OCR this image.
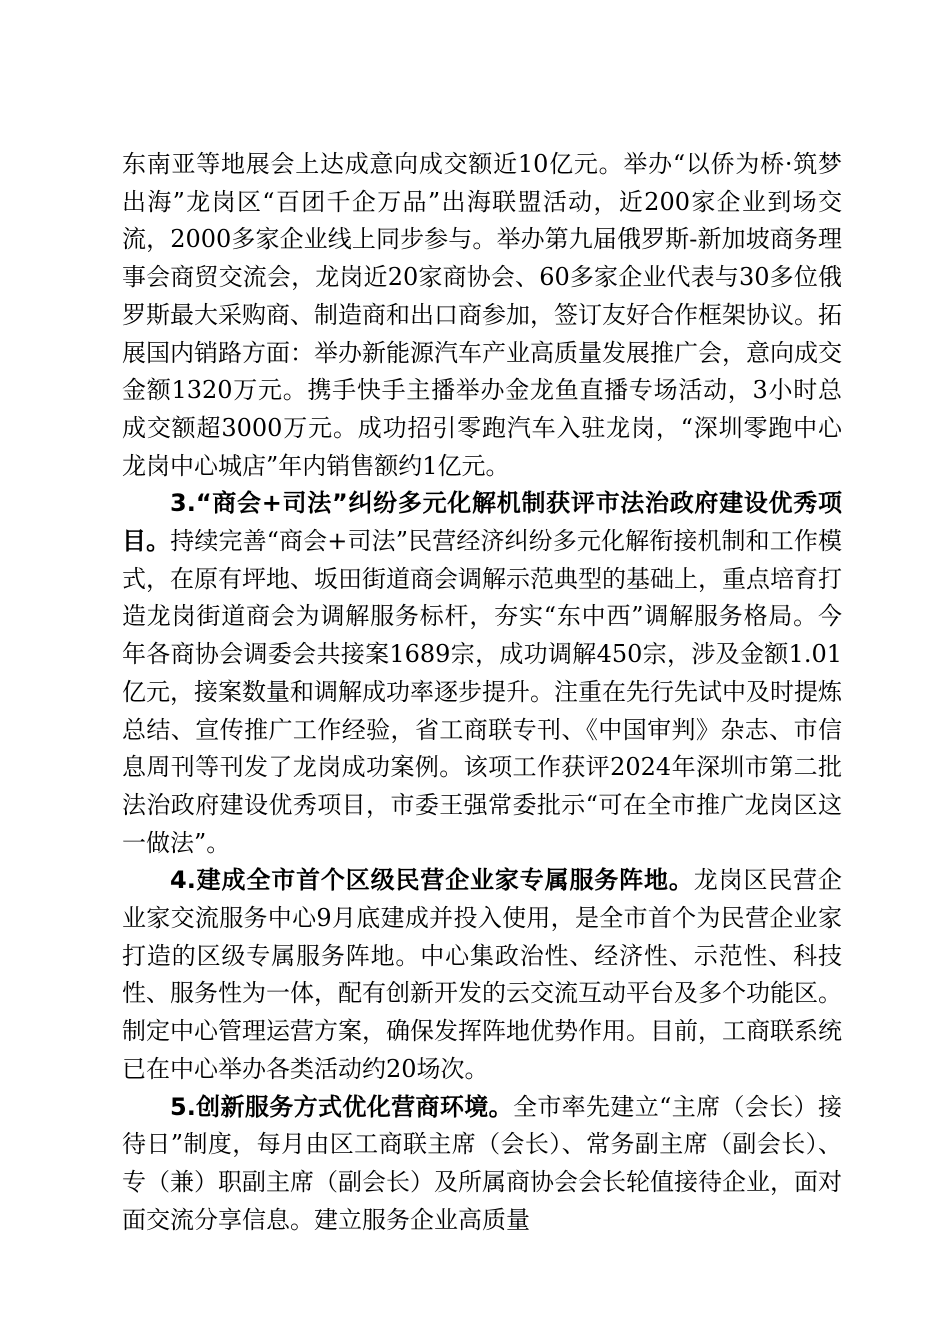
东南亚等地展会上达成意向成交额近10亿元。举办“以侨为桥·筑梦出海”龙岗区“百团千企万品”出海联盟活动，近200家企业到场交流，2000多家企业线上同步参与。举办第九届俄罗斯-新加坡商务理事会商贸交流会，龙岗近20家商协会、60多家企业代表与30多位俄罗斯最大采购商、制造商和出口商参加，签订友好合作框架协议。拓展国内销路方面：举办新能源汽车产业高质量发展推广会，意向成交金额1320万元。携手快手主播举办金龙鱼直播专场活动，3小时总成交额超3000万元。成功招引零跑汽车入驻龙岗，“深圳零跑中心龙岗中心城店”年内销售额约1亿元。

3.“商会+司法”纠纷多元化解机制获评市法治政府建设优秀项目。持续完善“商会+司法”民营经济纠纷多元化解衔接机制和工作模式，在原有坪地、坂田街道商会调解示范典型的基础上，重点培育打造龙岗街道商会为调解服务标杆，夯实“东中西”调解服务格局。今年各商协会调委会共接案1689宗，成功调解450宗，涉及金额1.01亿元，接案数量和调解成功率逐步提升。注重在先行先试中及时提炼总结、宣传推广工作经验，省工商联专刊、《中国审判》杂志、市信息周刊等刊发了龙岗成功案例。该项工作获评2024年深圳市第二批法治政府建设优秀项目，市委王强常委批示“可在全市推广龙岗区这一做法”。

4.建成全市首个区级民营企业家专属服务阵地。龙岗区民营企业家交流服务中心9月底建成并投入使用，是全市首个为民营企业家打造的区级专属服务阵地。中心集政治性、经济性、示范性、科技性、服务性为一体，配有创新开发的云交流互动平台及多个功能区。制定中心管理运营方案，确保发挥阵地优势作用。目前，工商联系统已在中心举办各类活动约20场次。

5.创新服务方式优化营商环境。全市率先建立“主席（会长）接待日”制度，每月由区工商联主席（会长）、常务副主席（副会长）、专（兼）职副主席（副会长）及所属商协会会长轮值接待企业，面对面交流分享信息。建立服务企业高质量
